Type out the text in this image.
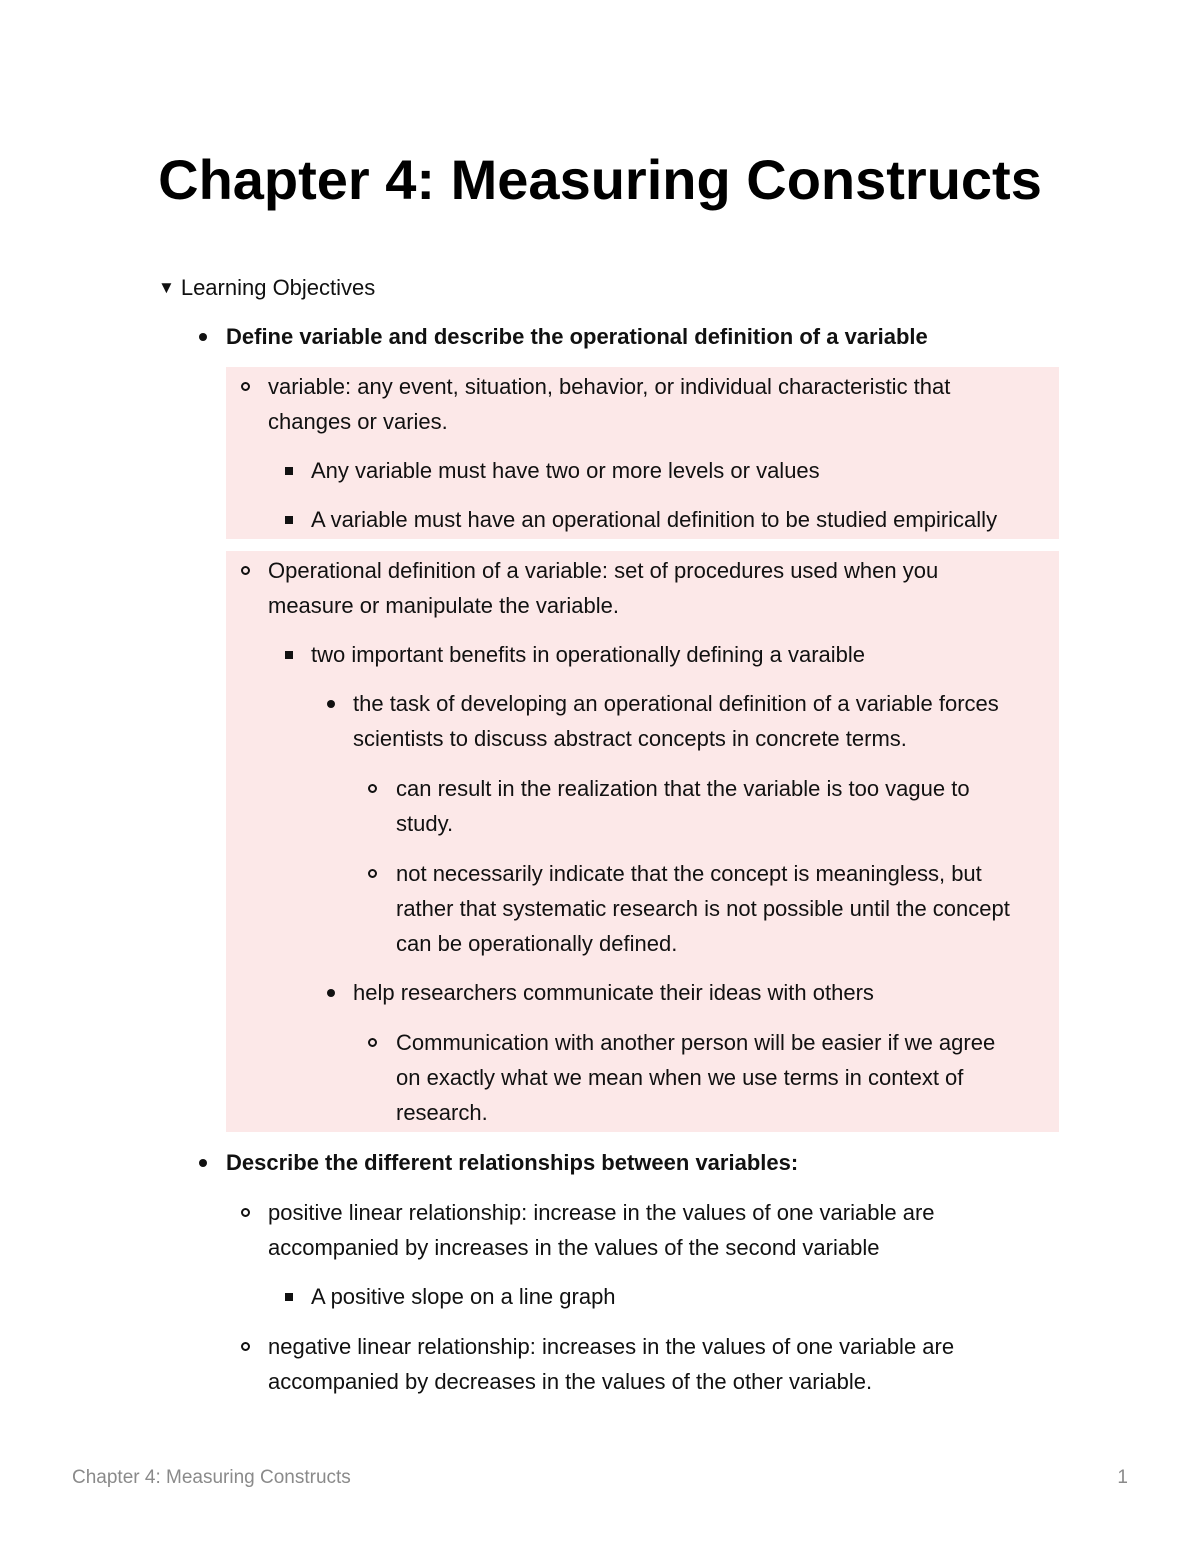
Chapter 4: Measuring Constructs
▼ Learning Objectives
Define variable and describe the operational definition of a variable
variable: any event, situation, behavior, or individual characteristic that
changes or varies.
Any variable must have two or more levels or values
A variable must have an operational definition to be studied empirically
Operational definition of a variable: set of procedures used when you
measure or manipulate the variable.
two important benefits in operationally defining a varaible
the task of developing an operational definition of a variable forces
scientists to discuss abstract concepts in concrete terms.
can result in the realization that the variable is too vague to
study.
not necessarily indicate that the concept is meaningless, but
rather that systematic research is not possible until the concept
can be operationally defined.
help researchers communicate their ideas with others
Communication with another person will be easier if we agree
on exactly what we mean when we use terms in context of
research.
Describe the different relationships between variables:
positive linear relationship: increase in the values of one variable are
accompanied by increases in the values of the second variable
A positive slope on a line graph
negative linear relationship: increases in the values of one variable are
accompanied by decreases in the values of the other variable.
Chapter 4: Measuring Constructs	1
